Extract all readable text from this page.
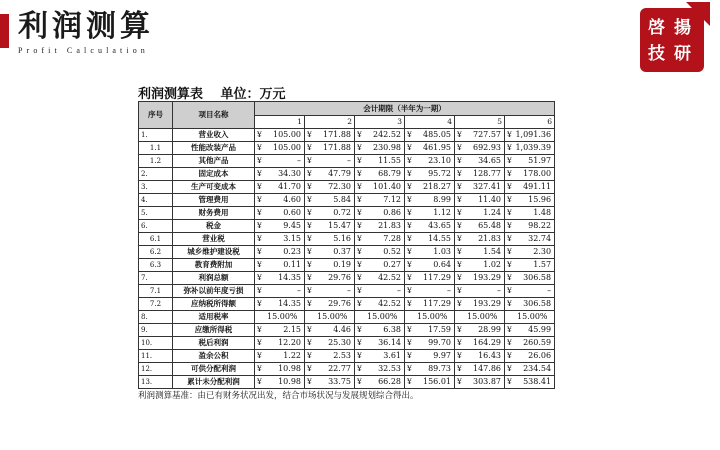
利润测算
Profit Calculation
啓 揚
技 研
利润测算表　 单位：万元
序号	项目名称	会计期限（半年为一期）					
		1	2	3	4	5	6
1.	营业收入	¥ 105.00	¥ 171.88	¥ 242.52	¥ 485.05	¥ 727.57	¥ 1,091.36

1.1	性能改装产品	¥ 105.00	¥ 171.88	¥ 230.98	¥ 461.95	¥ 692.93	¥ 1,039.39

1.2	其他产品	¥ –	¥ –	¥ 11.55	¥ 23.10	¥ 34.65	¥ 51.97

2.	固定成本	¥ 34.30	¥ 47.79	¥ 68.79	¥ 95.72	¥ 128.77	¥ 178.00

3.	生产可变成本	¥ 41.70	¥ 72.30	¥ 101.40	¥ 218.27	¥ 327.41	¥ 491.11

4.	管理费用	¥ 4.60	¥ 5.84	¥ 7.12	¥ 8.99	¥ 11.40	¥ 15.96

5.	财务费用	¥ 0.60	¥ 0.72	¥ 0.86	¥ 1.12	¥ 1.24	¥ 1.48

6.	税金	¥ 9.45	¥ 15.47	¥ 21.83	¥ 43.65	¥ 65.48	¥ 98.22

6.1	营业税	¥ 3.15	¥ 5.16	¥ 7.28	¥ 14.55	¥ 21.83	¥ 32.74

6.2	城乡维护建设税	¥ 0.23	¥ 0.37	¥ 0.52	¥ 1.03	¥ 1.54	¥ 2.30

6.3	教育费附加	¥ 0.11	¥ 0.19	¥ 0.27	¥ 0.64	¥ 1.02	¥ 1.57

7.	利润总额	¥ 14.35	¥ 29.76	¥ 42.52	¥ 117.29	¥ 193.29	¥ 306.58

7.1	弥补以前年度亏损	¥ –	¥ –	¥ –	¥ –	¥ –	¥ –

7.2	应纳税所得额	¥ 14.35	¥ 29.76	¥ 42.52	¥ 117.29	¥ 193.29	¥ 306.58

8.	适用税率	15.00%	15.00%	15.00%	15.00%	15.00%	15.00%
9.	应缴所得税	¥ 2.15	¥ 4.46	¥ 6.38	¥ 17.59	¥ 28.99	¥ 45.99

10.	税后利润	¥ 12.20	¥ 25.30	¥ 36.14	¥ 99.70	¥ 164.29	¥ 260.59

11.	盈余公积	¥ 1.22	¥ 2.53	¥ 3.61	¥ 9.97	¥ 16.43	¥ 26.06

12.	可供分配利润	¥ 10.98	¥ 22.77	¥ 32.53	¥ 89.73	¥ 147.86	¥ 234.54

13.	累计未分配利润	¥ 10.98	¥ 33.75	¥ 66.28	¥ 156.01	¥ 303.87	¥ 538.41
利润测算基准：由已有财务状况出发，结合市场状况与发展规划综合得出。
